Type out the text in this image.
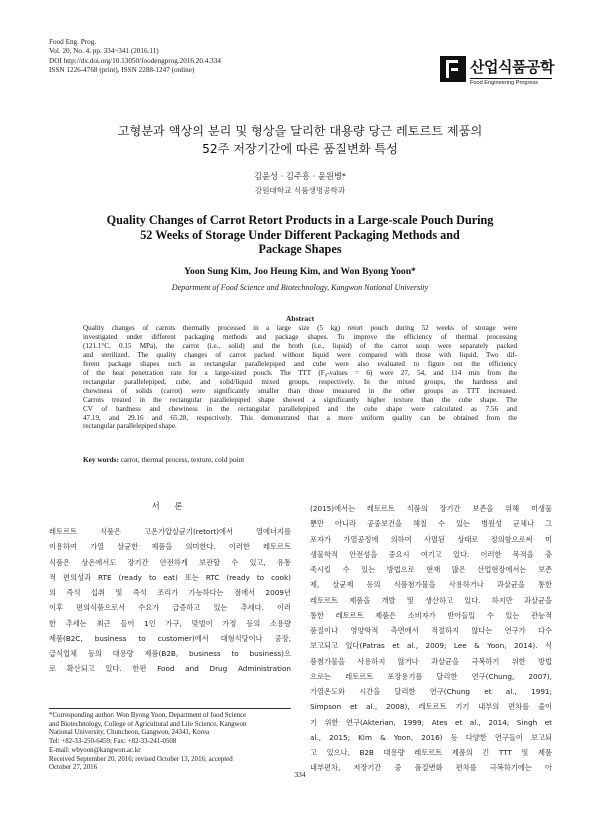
Food Eng. Prog.
Vol. 20, No. 4. pp. 334~341 (2016.11)
DOI http://dx.doi.org/10.13050/foodengprog.2016.20.4.334
ISSN 1226-4768 (print), ISSN 2288-1247 (online)	산업식품공학
Food Engineering Progress
고형분과 액상의 분리 및 형상을 달리한 대용량 당근 레토르트 제품의
52주 저장기간에 따른 품질변화 특성
김윤성 · 김주흥 · 윤원병*
강원대학교 식품생명공학과
Quality Changes of Carrot Retort Products in a Large-scale Pouch During
52 Weeks of Storage Under Different Packaging Methods and
Package Shapes
Yoon Sung Kim, Joo Heung Kim, and Won Byong Yoon*
Department of Food Science and Biotechnology, Kangwon National University
Abstract
Quality changes of carrots thermally processed in a large size (5 kg) retort pouch during 52 weeks of storage were
investigated under different packaging methods and package shapes. To improve the efficiency of thermal processing
(121.1°C, 0.15 MPa), the carrot (i.e., solid) and the broth (i.e., liquid) of the carrot soup were separately packed
and sterilized. The quality changes of carrot packed without liquid were compared with those with liquid. Two dif-
ferent package shapes such as rectangular parallelepiped and cube were also evaluated to figure out the efficiency
of the heat penetration rate for a large-sized pouch. The TTT (F₀-values = 6) were 27, 54, and 114 min from the
rectangular parallelepiped, cube, and solid/liquid mixed groups, respectively. In the mixed groups, the hardness and
chewiness of solids (carrot) were significantly smaller than those measured in the other groups as TTT increased.
Carrots treated in the rectangular parallelepiped shape showed a significantly higher texture than the cube shape. The
CV of hardness and chewiness in the rectangular parallelepiped and the cube shape were calculated as 7.56 and
47.19, and 29.16 and 65.28, respectively. This demonstrated that a more uniform quality can be obtained from the
rectangular parallelepiped shape.
Key words: carrot, thermal process, texture, cold point
서 론
레토르트 식품은 고온가압살균기(retort)에서 열에너지를
이용하여 가열 살균한 제품을 의미한다. 이러한 레토르트
식품은 상온에서도 장기간 안전하게 보관할 수 있고, 유통
적 편의성과 RTE (ready to eat) 또는 RTC (ready to cook)
의 즉석 섭취 및 즉석 조리가 가능하다는 점에서 2009년
이후 편의식품으로서 수요가 급증하고 있는 추세다. 이러
한 추세는 최근 들어 1인 가구, 맞벌이 가정 등의 소용량
제품(B2C, business to customer)에서 대형식당이나 공장,
급식업체 등의 대용량 제품(B2B, business to business)으
로 확산되고 있다. 한편 Food and Drug Administration
(2015)에서는 레토르트 식품의 장기간 보존을 위해 미생물
뿐만 아니라 공중보건을 해칠 수 있는 병원성 균체나 그
포자가 가열공정에 의하여 사멸된 상태로 정의함으로써 미
생물학적 안전성을 중요시 여기고 있다. 이러한 목적을 충
족시킬 수 있는 방법으로 현재 많은 산업현장에서는 보존
제, 살균제 등의 식품첨가물을 사용하거나 과살균을 통한
레토르트 제품을 개발 및 생산하고 있다. 하지만 과살균을
통한 레토르트 제품은 소비자가 받아들일 수 있는 관능적
품질이나 영양학적 측면에서 적절하지 않다는 연구가 다수
보고되고 있다(Patras et al., 2009; Lee & Yoon, 2014). 식
품첨가물을 사용하지 않거나 과살균을 극복하기 위한 방법
으로는 레토르트 포장용기를 달리한 연구(Chung, 2007),
가열온도와 시간을 달리한 연구(Chung et al., 1991;
Simpson et al., 2008), 레토르트 기기 내부의 편차를 줄이
기 위한 연구(Akterian, 1999; Ates et al., 2014; Singh et
al., 2015; Kim & Yoon, 2016) 등 다양한 연구들이 보고되
고 있으나, B2B 대용량 레토르트 제품의 긴 TTT 및 제품
내부편차, 저장기간 중 품질변화 편차를 극복하기에는 아
*Corresponding author: Won Byong Yoon, Department of food Science
and Biotechnology, College of Agricultural and Life Science, Kangwon
National University, Chuncheon, Gangwon, 24341, Korea
Tel: +82-33-250-6459; Fax: +82-33-241-0508
E-mail: wbyoon@kangwon.ac.kr
Received September 20, 2016; revised October 13, 2016; accepted
October 27, 2016
334
